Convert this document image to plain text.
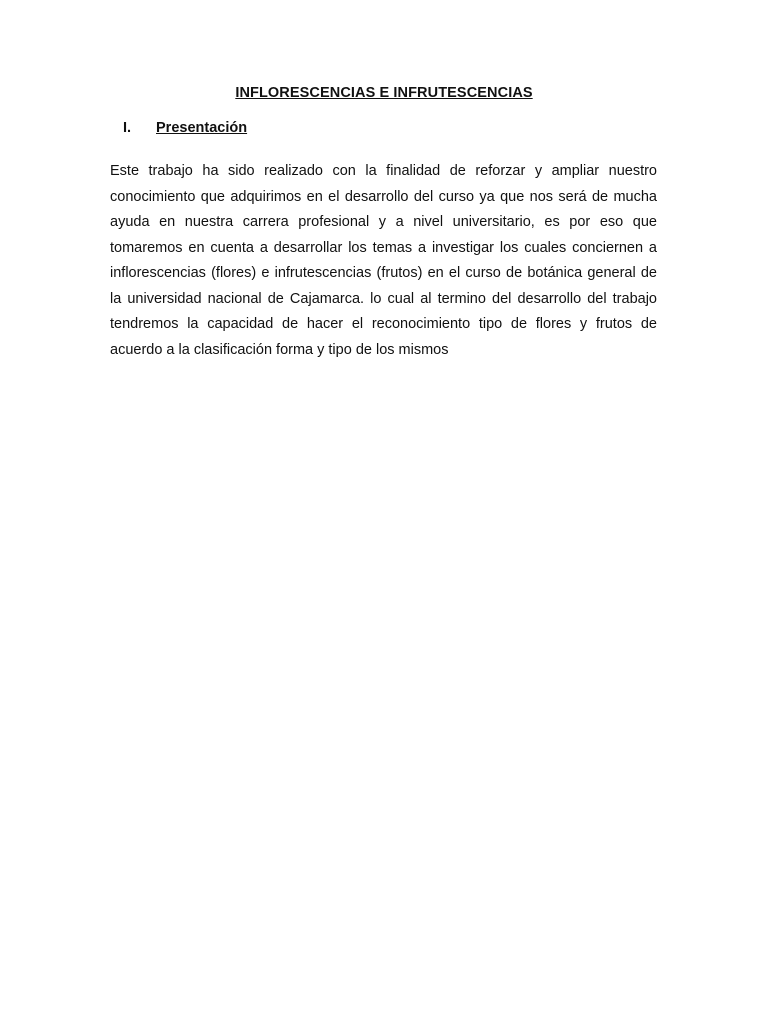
INFLORESCENCIAS E INFRUTESCENCIAS
I. Presentación

Este trabajo ha sido realizado con la finalidad de reforzar y ampliar nuestro conocimiento que adquirimos en el desarrollo del curso ya que nos será de mucha ayuda en nuestra carrera profesional y a nivel universitario, es por eso que tomaremos en cuenta a desarrollar los temas a investigar los cuales conciernen a inflorescencias (flores) e infrutescencias (frutos) en el curso de botánica general de la universidad nacional de Cajamarca. lo cual al termino del desarrollo del trabajo tendremos la capacidad de hacer el reconocimiento tipo de flores y frutos de acuerdo a la clasificación forma y tipo de los mismos
